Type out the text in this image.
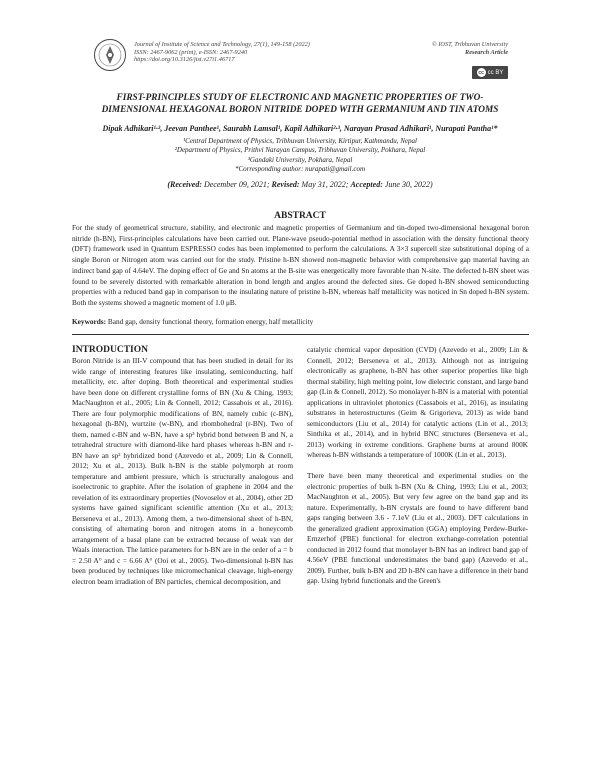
Journal of Institute of Science and Technology, 27(1), 149-158 (2022)
ISSN: 2467-9062 (print), e-ISSN: 2467-9240
https://doi.org/10.3126/jist.v27i1.46717
© IOST, Tribhuvan University
Research Article
cc cc BY
FIRST-PRINCIPLES STUDY OF ELECTRONIC AND MAGNETIC PROPERTIES OF TWO-DIMENSIONAL HEXAGONAL BORON NITRIDE DOPED WITH GERMANIUM AND TIN ATOMS
Dipak Adhikari¹·³, Jeevan Panthee¹, Saurabh Lamsal¹, Kapil Adhikari²·³, Narayan Prasad Adhikari¹, Nurapati Pantha¹*
¹Central Department of Physics, Tribhuvan University, Kirtipur, Kathmandu, Nepal
²Department of Physics, Prithvi Narayan Campus, Tribhuvan University, Pokhara, Nepal
³Gandaki University, Pokhara, Nepal
*Corresponding author: nurapati@gmail.com
(Received: December 09, 2021; Revised: May 31, 2022; Accepted: June 30, 2022)
ABSTRACT
For the study of geometrical structure, stability, and electronic and magnetic properties of Germanium and tin-doped two-dimensional hexagonal boron nitride (h-BN), First-principles calculations have been carried out. Plane-wave pseudo-potential method in association with the density functional theory (DFT) framework used in Quantum ESPRESSO codes has been implemented to perform the calculations. A 3×3 supercell size substitutional doping of a single Boron or Nitrogen atom was carried out for the study. Pristine h-BN showed non-magnetic behavior with comprehensive gap material having an indirect band gap of 4.64eV. The doping effect of Ge and Sn atoms at the B-site was energetically more favorable than N-site. The defected h-BN sheet was found to be severely distorted with remarkable alteration in bond length and angles around the defected sites. Ge doped h-BN showed semiconducting properties with a reduced band gap in comparison to the insulating nature of pristine h-BN, whereas half metallicity was noticed in Sn doped h-BN system. Both the systems showed a magnetic moment of 1.0 μB.
Keywords: Band gap, density functional theory, formation energy, half metallicity
INTRODUCTION

Boron Nitride is an III-V compound that has been studied in detail for its wide range of interesting features like insulating, semiconducting, half metallicity, etc. after doping. Both theoretical and experimental studies have been done on different crystalline forms of BN (Xu & Ching, 1993; MacNaughton et al., 2005; Lin & Connell, 2012; Cassabois et al., 2016). There are four polymorphic modifications of BN, namely cubic (c-BN), hexagonal (h-BN), wurtzite (w-BN), and rhombohedral (r-BN). Two of them, named c-BN and w-BN, have a sp³ hybrid bond between B and N, a tetrahedral structure with diamond-like hard phases whereas h-BN and r-BN have an sp² hybridized bond (Azevedo et al., 2009; Lin & Connell, 2012; Xu et al., 2013). Bulk h-BN is the stable polymorph at room temperature and ambient pressure, which is structurally analogous and isoelectronic to graphite. After the isolation of graphene in 2004 and the revelation of its extraordinary properties (Novoselov et al., 2004), other 2D systems have gained significant scientific attention (Xu et al., 2013; Berseneva et al., 2013). Among them, a two-dimensional sheet of h-BN, consisting of alternating boron and nitrogen atoms in a honeycomb arrangement of a basal plane can be extracted because of weak van der Waals interaction. The lattice parameters for h-BN are in the order of a = b = 2.50 A° and c = 6.66 A° (Ooi et al., 2005). Two-dimensional h-BN has been produced by techniques like micromechanical cleavage, high-energy electron beam irradiation of BN particles, chemical decomposition, and

catalytic chemical vapor deposition (CVD) (Azevedo et al., 2009; Lin & Connell, 2012; Berseneva et al., 2013). Although not as intriguing electronically as graphene, h-BN has other superior properties like high thermal stability, high melting point, low dielectric constant, and large band gap (Lin & Connell, 2012). So monolayer h-BN is a material with potential applications in ultraviolet photonics (Cassabois et al., 2016), as insulating substrates in heterostructures (Geim & Grigorieva, 2013) as wide band semiconductors (Liu et al., 2014) for catalytic actions (Lin et al., 2013; Sinthika et al., 2014), and in hybrid BNC structures (Berseneva et al., 2013) working in extreme conditions. Graphene burns at around 800K whereas h-BN withstands a temperature of 1000K (Lin et al., 2013).

There have been many theoretical and experimental studies on the electronic properties of bulk h-BN (Xu & Ching, 1993; Liu et al., 2003; MacNaughton et al., 2005). But very few agree on the band gap and its nature. Experimentally, h-BN crystals are found to have different band gaps ranging between 3.6 - 7.1eV (Liu et al., 2003). DFT calculations in the generalized gradient approximation (GGA) employing Perdew-Burke-Ernzerhof (PBE) functional for electron exchange-correlation potential conducted in 2012 found that monolayer h-BN has an indirect band gap of 4.56eV (PBE functional underestimates the band gap) (Azevedo et al., 2009). Further, bulk h-BN and 2D h-BN can have a difference in their band gap. Using hybrid functionals and the Green's
